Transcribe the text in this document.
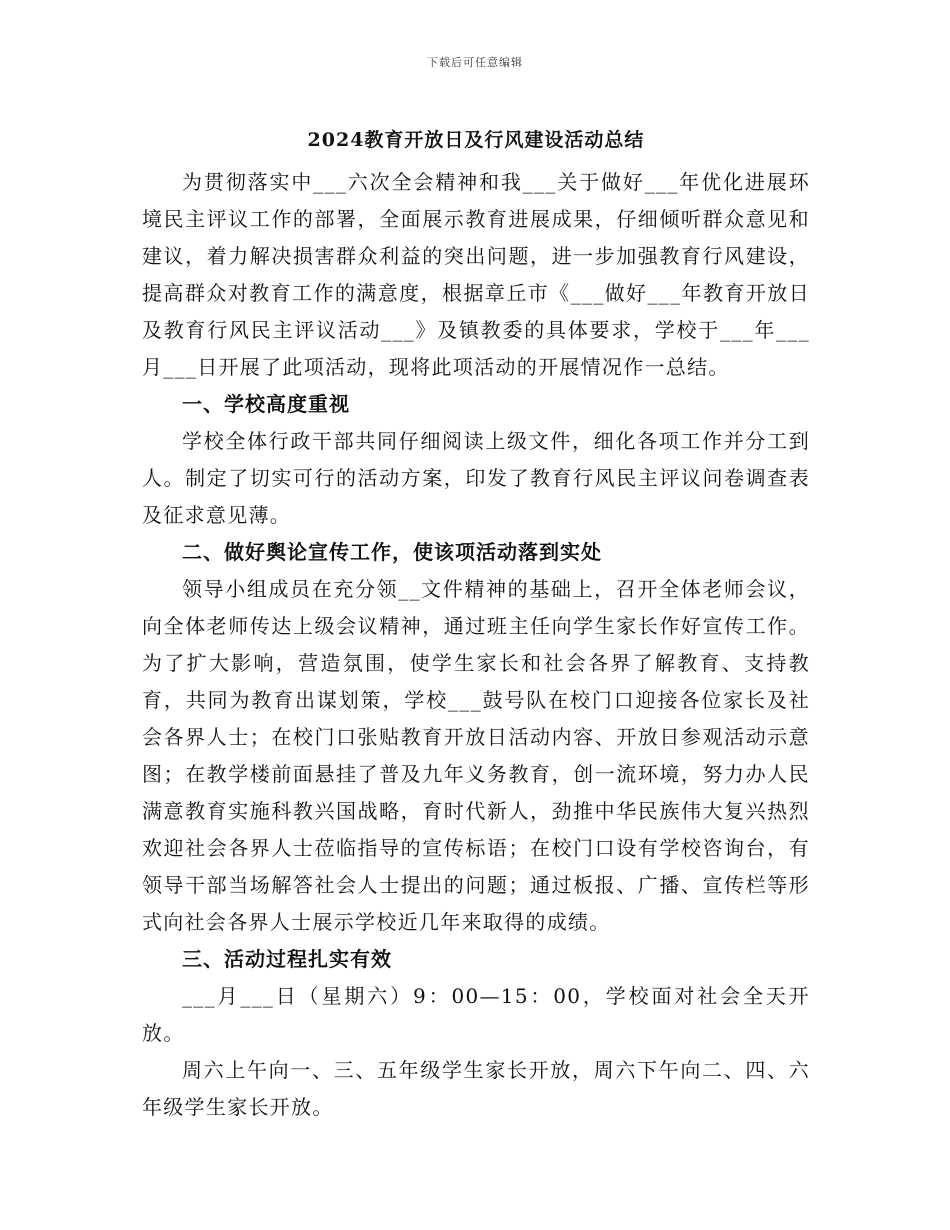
下载后可任意编辑
2024教育开放日及行风建设活动总结

为贯彻落实中___六次全会精神和我___关于做好___年优化进展环境民主评议工作的部署，全面展示教育进展成果，仔细倾听群众意见和建议，着力解决损害群众利益的突出问题，进一步加强教育行风建设，提高群众对教育工作的满意度，根据章丘市《___做好___年教育开放日及教育行风民主评议活动___》及镇教委的具体要求，学校于___年___月___日开展了此项活动，现将此项活动的开展情况作一总结。

一、学校高度重视

学校全体行政干部共同仔细阅读上级文件，细化各项工作并分工到人。制定了切实可行的活动方案，印发了教育行风民主评议问卷调查表及征求意见薄。

二、做好舆论宣传工作，使该项活动落到实处

领导小组成员在充分领__文件精神的基础上，召开全体老师会议，向全体老师传达上级会议精神，通过班主任向学生家长作好宣传工作。为了扩大影响，营造氛围，使学生家长和社会各界了解教育、支持教育，共同为教育出谋划策，学校___鼓号队在校门口迎接各位家长及社会各界人士；在校门口张贴教育开放日活动内容、开放日参观活动示意图；在教学楼前面悬挂了普及九年义务教育，创一流环境，努力办人民满意教育实施科教兴国战略，育时代新人，劲推中华民族伟大复兴热烈欢迎社会各界人士莅临指导的宣传标语；在校门口设有学校咨询台，有领导干部当场解答社会人士提出的问题；通过板报、广播、宣传栏等形式向社会各界人士展示学校近几年来取得的成绩。

三、活动过程扎实有效

___月___日（星期六）9：00—15：00，学校面对社会全天开放。

周六上午向一、三、五年级学生家长开放，周六下午向二、四、六年级学生家长开放。
